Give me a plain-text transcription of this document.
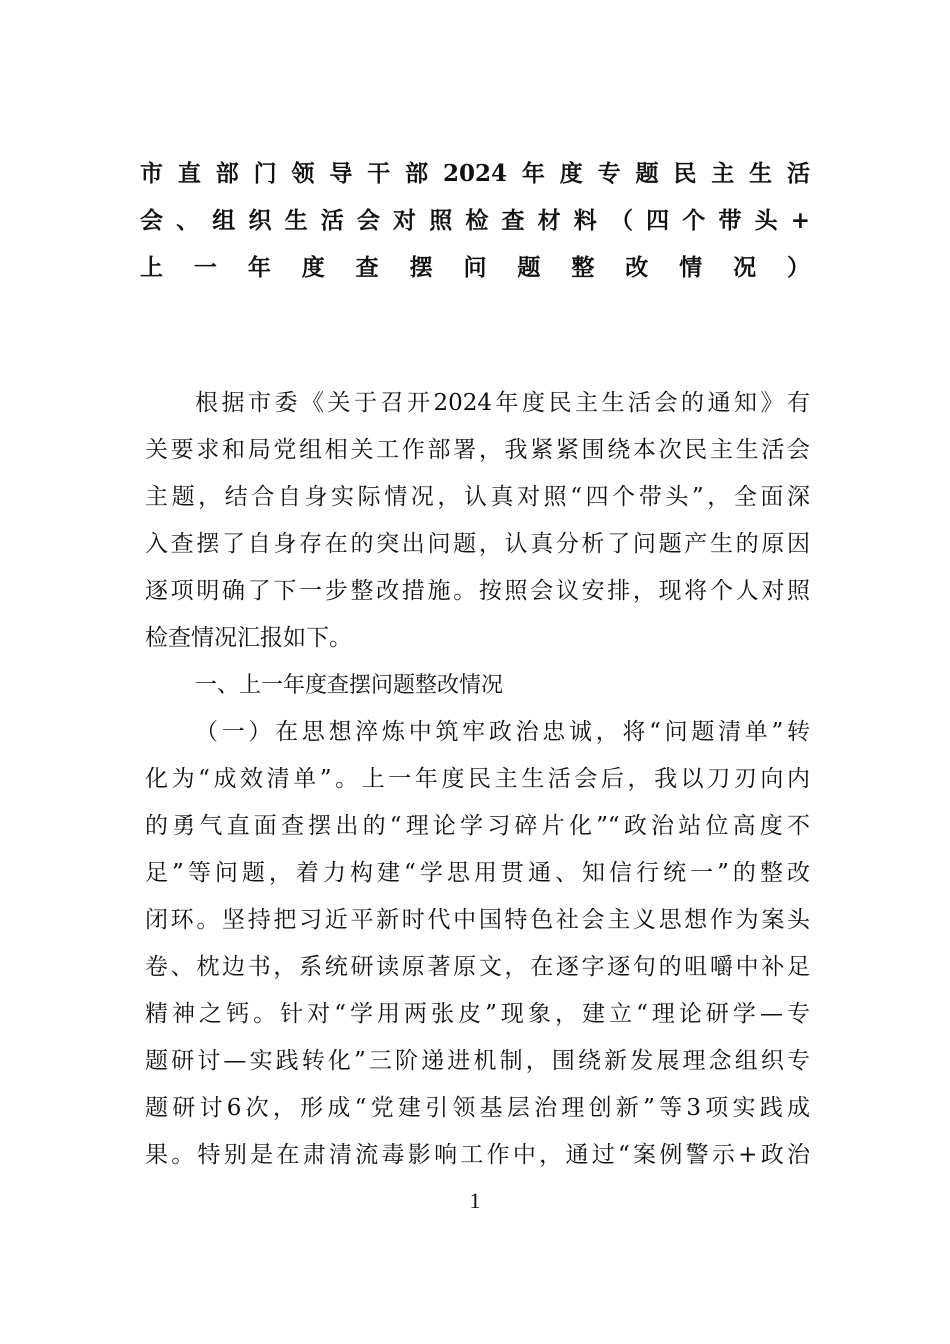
市直部门领导干部2024年度专题民主生活
会、组织生活会对照检查材料（四个带头+
上一年度查摆问题整改情况）
根据市委《关于召开2024年度民主生活会的通知》有
关要求和局党组相关工作部署，我紧紧围绕本次民主生活会
主题，结合自身实际情况，认真对照“四个带头”，全面深
入查摆了自身存在的突出问题，认真分析了问题产生的原因
逐项明确了下一步整改措施。按照会议安排，现将个人对照
检查情况汇报如下。
一、上一年度查摆问题整改情况
（一）在思想淬炼中筑牢政治忠诚，将“问题清单”转
化为“成效清单”。上一年度民主生活会后，我以刀刃向内
的勇气直面查摆出的“理论学习碎片化”“政治站位高度不
足”等问题，着力构建“学思用贯通、知信行统一”的整改
闭环。坚持把习近平新时代中国特色社会主义思想作为案头
卷、枕边书，系统研读原著原文，在逐字逐句的咀嚼中补足
精神之钙。针对“学用两张皮”现象，建立“理论研学—专
题研讨—实践转化”三阶递进机制，围绕新发展理念组织专
题研讨6次，形成“党建引领基层治理创新”等3项实践成
果。特别是在肃清流毒影响工作中，通过“案例警示+政治
1
